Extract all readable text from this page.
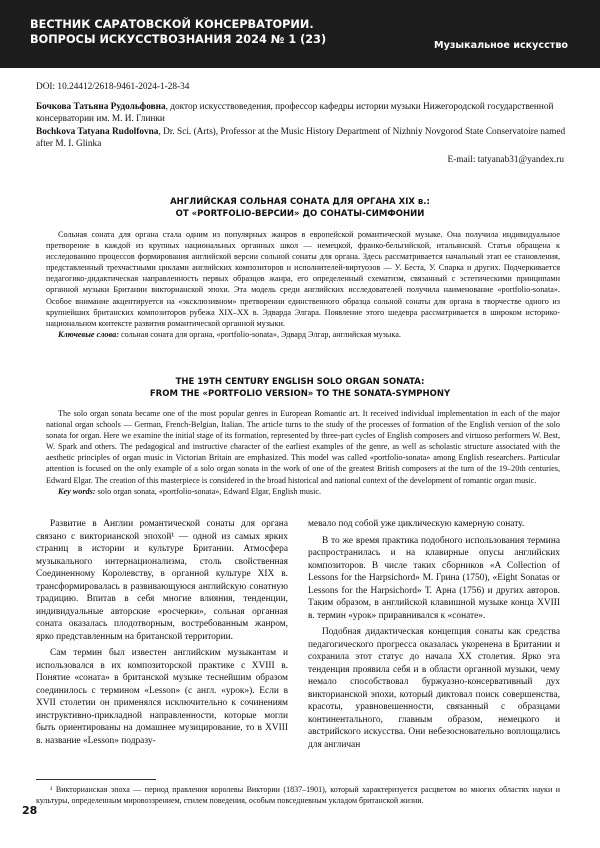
ВЕСТНИК САРАТОВСКОЙ КОНСЕРВАТОРИИ.
ВОПРОСЫ ИСКУССТВОЗНАНИЯ 2024 № 1 (23)	Музыкальное искусство
DOI: 10.24412/2618-9461-2024-1-28-34
Бочкова Татьяна Рудольфовна, доктор искусствоведения, профессор кафедры истории музыки Нижегородской государственной консерватории им. М. И. Глинки
Bochkova Tatyana Rudolfovna, Dr. Sci. (Arts), Professor at the Music History Department of Nizhniy Novgorod State Conservatoire named after M. I. Glinka
E-mail: tatyanab31@yandex.ru
АНГЛИЙСКАЯ СОЛЬНАЯ СОНАТА ДЛЯ ОРГАНА XIX в.:
ОТ «PORTFOLIO-ВЕРСИИ» ДО СОНАТЫ-СИМФОНИИ
Сольная соната для органа стала одним из популярных жанров в европейской романтической музыке. Она получила индивидуальное претворение в каждой из крупных национальных органных школ — немецкой, франко-бельгийской, итальянской. Статья обращена к исследованию процессов формирования английской версии сольной сонаты для органа. Здесь рассматривается начальный этап ее становления, представленный трехчастными циклами английских композиторов и исполнителей-виртуозов — У. Беста, У. Спарка и других. Подчеркивается педагогико-дидактическая направленность первых образцов жанра, его определенный схематизм, связанный с эстетическими принципами органной музыки Британии викторианской эпохи. Эта модель среди английских исследователей получила наименование «portfolio-sonata». Особое внимание акцентируется на «эксклюзивном» претворении единственного образца сольной сонаты для органа в творчестве одного из крупнейших британских композиторов рубежа XIX–XX в. Эдварда Элгара. Появление этого шедевра рассматривается в широком историко-национальном контексте развития романтической органной музыки.
Ключевые слова: сольная соната для органа, «portfolio-sonata», Эдвард Элгар, английская музыка.
THE 19TH CENTURY ENGLISH SOLO ORGAN SONATA:
FROM THE «PORTFOLIO VERSION» TO THE SONATA-SYMPHONY
The solo organ sonata became one of the most popular genres in European Romantic art. It received individual implementation in each of the major national organ schools — German, French-Belgian, Italian. The article turns to the study of the processes of formation of the English version of the solo sonata for organ. Here we examine the initial stage of its formation, represented by three-part cycles of English composers and virtuoso performers W. Best, W. Spark and others. The pedagogical and instructive character of the earliest examples of the genre, as well as scholastic structure associated with the aesthetic principles of organ music in Victorian Britain are emphasized. This model was called «portfolio-sonata» among English researchers. Particular attention is focused on the only example of a solo organ sonata in the work of one of the greatest British composers at the turn of the 19–20th centuries, Edward Elgar. The creation of this masterpiece is considered in the broad historical and national context of the development of romantic organ music.
Key words: solo organ sonata, «portfolio-sonata», Edward Elgar, English music.

Развитие в Англии романтической сонаты для органа связано с викторианской эпохой¹ — одной из самых ярких страниц в истории и культуре Британии. Атмосфера музыкального интернационализма, столь свойственная Соединенному Королевству, в органной культуре XIX в. трансформировалась в развивающуюся английскую сонатную традицию. Впитав в себя многие влияния, тенденции, индивидуальные авторские «росчерки», сольная органная соната оказалась плодотворным, востребованным жанром, ярко представленным на британской территории.

Сам термин был известен английским музыкантам и использовался в их композиторской практике с XVIII в. Понятие «соната» в британской музыке теснейшим образом соединилось с термином «Lesson» (с англ. «урок»). Если в XVII столетии он применялся исключительно к сочинениям инструктивно-прикладной направленности, которые могли быть ориентированы на домашнее музицирование, то в XVIII в. название «Lesson» подразу-

мевало под собой уже циклическую камерную сонату.

В то же время практика подобного использования термина распространилась и на клавирные опусы английских композиторов. В числе таких сборников «A Collection of Lessons for the Harpsichord» М. Грина (1750), «Eight Sonatas or Lessons for the Harpsichord» Т. Арна (1756) и других авторов. Таким образом, в английской клавишной музыке конца XVIII в. термин «урок» приравнивался к «сонате».

Подобная дидактическая концепция сонаты как средства педагогического прогресса оказалась укоренена в Британии и сохранила этот статус до начала XX столетия. Ярко эта тенденция проявила себя и в области органной музыки, чему немало способствовал буржуазно-консервативный дух викторианской эпохи, который диктовал поиск совершенства, красоты, уравновешенности, связанный с образцами континентального, главным образом, немецкого и австрийского искусства. Они небезосновательно воплощались для англичан

¹ Викторианская эпоха — период правления королевы Виктории (1837–1901), который характеризуется расцветом во многих областях науки и культуры, определенным мировоззрением, стилем поведения, особым повседневным укладом британской жизни.
28
